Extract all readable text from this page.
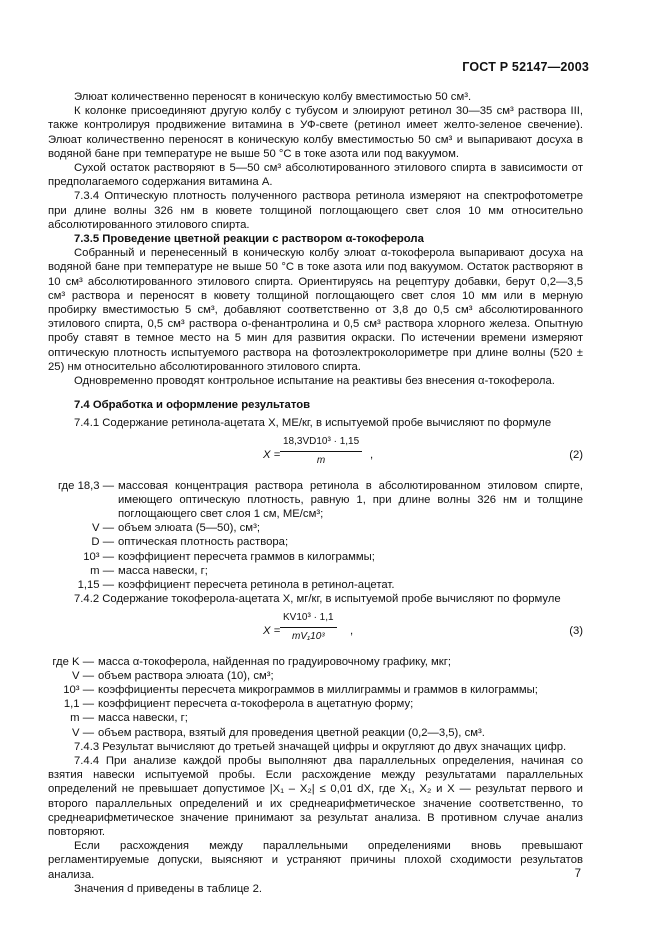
ГОСТ Р 52147—2003

Элюат количественно переносят в коническую колбу вместимостью 50 см³.

К колонке присоединяют другую колбу с тубусом и элюируют ретинол 30—35 см³ раствора III, также контролируя продвижение витамина в УФ-свете (ретинол имеет желто-зеленое свечение). Элюат количественно переносят в коническую колбу вместимостью 50 см³ и выпаривают досуха в водяной бане при температуре не выше 50 °С в токе азота или под вакуумом.

Сухой остаток растворяют в 5—50 см³ абсолютированного этилового спирта в зависимости от предполагаемого содержания витамина А.

7.3.4 Оптическую плотность полученного раствора ретинола измеряют на спектрофотометре при длине волны 326 нм в кювете толщиной поглощающего свет слоя 10 мм относительно абсолютированного этилового спирта.

7.3.5 Проведение цветной реакции с раствором α-токоферола

Собранный и перенесенный в коническую колбу элюат α-токоферола выпаривают досуха на водяной бане при температуре не выше 50 °С в токе азота или под вакуумом. Остаток растворяют в 10 см³ абсолютированного этилового спирта. Ориентируясь на рецептуру добавки, берут 0,2—3,5 см³ раствора и переносят в кювету толщиной поглощающего свет слоя 10 мм или в мерную пробирку вместимостью 5 см³, добавляют соответственно от 3,8 до 0,5 см³ абсолютированного этилового спирта, 0,5 см³ раствора о-фенантролина и 0,5 см³ раствора хлорного железа. Опытную пробу ставят в темное место на 5 мин для развития окраски. По истечении времени измеряют оптическую плотность испытуемого раствора на фотоэлектроколориметре при длине волны (520 ± 25) нм относительно абсолютированного этилового спирта.

Одновременно проводят контрольное испытание на реактивы без внесения α-токоферола.

7.4 Обработка и оформление результатов

7.4.1 Содержание ретинола-ацетата X, МЕ/кг, в испытуемой пробе вычисляют по формуле

$X = \frac{\text{18,3VD10³ · 1,15}}{m}$ ,	(2)
где 18,3 — массовая концентрация раствора ретинола в абсолютированном этиловом спирте, имеющего оптическую плотность, равную 1, при длине волны 326 нм и толщине поглощающего свет слоя 1 см, МЕ/см³;
V — объем элюата (5—50), см³;
D — оптическая плотность раствора;
10³ — коэффициент пересчета граммов в килограммы;
m — масса навески, г;
1,15 — коэффициент пересчета ретинола в ретинол-ацетат.

7.4.2 Содержание токоферола-ацетата X, мг/кг, в испытуемой пробе вычисляют по формуле

$X = \frac{\text{KV10³ · 1,1}}{\text{mV₁10³}}$ ,	(3)
где K — масса α-токоферола, найденная по градуировочному графику, мкг;
V — объем раствора элюата (10), см³;
10³ — коэффициенты пересчета микрограммов в миллиграммы и граммов в килограммы;
1,1 — коэффициент пересчета α-токоферола в ацетатную форму;
m — масса навески, г;
V — объем раствора, взятый для проведения цветной реакции (0,2—3,5), см³.

7.4.3 Результат вычисляют до третьей значащей цифры и округляют до двух значащих цифр.

7.4.4 При анализе каждой пробы выполняют два параллельных определения, начиная со взятия навески испытуемой пробы. Если расхождение между результатами параллельных определений не превышает допустимое |X₁ – X₂| ≤ 0,01 dX, где X₁, X₂ и X — результат первого и второго параллельных определений и их среднеарифметическое значение соответственно, то среднеарифметическое значение принимают за результат анализа. В противном случае анализ повторяют.

Если расхождения между параллельными определениями вновь превышают регламентируемые допуски, выясняют и устраняют причины плохой сходимости результатов анализа.

Значения d приведены в таблице 2.

7
